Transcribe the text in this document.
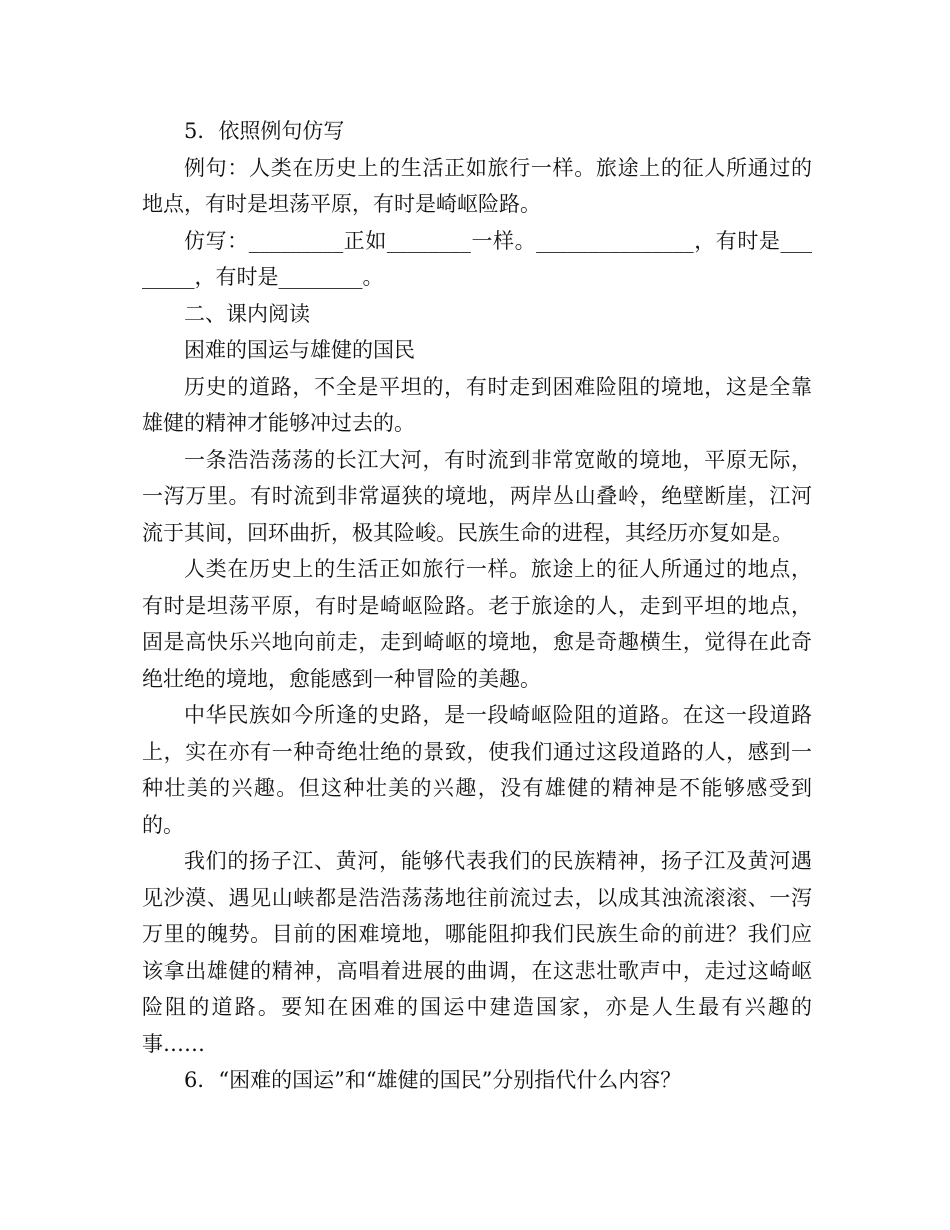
5．依照例句仿写

例句：人类在历史上的生活正如旅行一样。旅途上的征人所通过的地点，有时是坦荡平原，有时是崎岖险路。

仿写：_________正如________一样。_______________，有时是________，有时是________。

二、课内阅读

困难的国运与雄健的国民

历史的道路，不全是平坦的，有时走到困难险阻的境地，这是全靠雄健的精神才能够冲过去的。

一条浩浩荡荡的长江大河，有时流到非常宽敞的境地，平原无际，一泻万里。有时流到非常逼狭的境地，两岸丛山叠岭，绝壁断崖，江河流于其间，回环曲折，极其险峻。民族生命的进程，其经历亦复如是。

人类在历史上的生活正如旅行一样。旅途上的征人所通过的地点，有时是坦荡平原，有时是崎岖险路。老于旅途的人，走到平坦的地点，固是高快乐兴地向前走，走到崎岖的境地，愈是奇趣横生，觉得在此奇绝壮绝的境地，愈能感到一种冒险的美趣。

中华民族如今所逢的史路，是一段崎岖险阻的道路。在这一段道路上，实在亦有一种奇绝壮绝的景致，使我们通过这段道路的人，感到一种壮美的兴趣。但这种壮美的兴趣，没有雄健的精神是不能够感受到的。

我们的扬子江、黄河，能够代表我们的民族精神，扬子江及黄河遇见沙漠、遇见山峡都是浩浩荡荡地往前流过去，以成其浊流滚滚、一泻万里的魄势。目前的困难境地，哪能阻抑我们民族生命的前进？我们应该拿出雄健的精神，高唱着进展的曲调，在这悲壮歌声中，走过这崎岖险阻的道路。要知在困难的国运中建造国家，亦是人生最有兴趣的事……

6．“困难的国运”和“雄健的国民”分别指代什么内容？
